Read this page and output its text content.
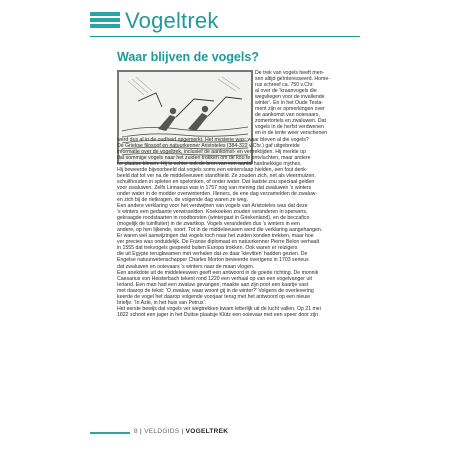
Vogeltrek
Waar blijven de vogels?
De trek van vogels heeft men-
sen altijd geïnteresseerd. Home-
rus schreef ca. 750 v.Chr.
al over de ‘kraanvogels die
wegvliegen voor de invallende
winter’. En in het Oude Testa-
ment zijn er opmerkingen over
de aankomst van ooievaars,
zomertortels en zwaluwen. Dat
vogels in de herfst verdwenen
en in de lente weer verschenen
werd dus al in de oudheid opgemerkt. Het mysterie was: waar bleven al die vogels?
De Griekse filosoof en natuurkenner Aristoteles (384-322 v.Chr.) gaf uitgebreide
informatie over de vogeltrek, inclusief de aankomst- en vertrektijden. Hij merkte op
dat sommige vogels naar het zuiden trokken om de kou te ontvluchten, maar andere
ter plaatse bleven. Hij is echter ook de bron van een aantal hardnekkige mythes.
Hij beweerde bijvoorbeeld dat vogels soms een winterslaap hielden, een fout denk-
beeld dat tot ver na de middeleeuwen standhield. Ze zouden zich, net als vleermuizen,
schuilhouden in spleten en spelonken, of onder water. Dat laatste zou speciaal gelden
voor zwaluwen. Zelfs Linnaeus was in 1757 nog van mening dat zwaluwen ’s winters
onder water in de modder overwinterden. Illeners, de ene dag verzamelden de zwaluw-
en zich bij de rietkragen, de volgende dag waren ze weg.
Een andere verklaring voor het verdwijnen van vogels van Aristoteles was dat deze
’s winters een gedaante verwisselden. Koekoeken zouden veranderen in sperwers,
gekraagde roodstaarten in roodborsten (wintergast in Griekenland), en de beccafico
(mogelijk de tuinfluiter) in de zwartkop. Vogels verandeden dus ’s winters in een
andere, op hen lijkende, soort. Tot in de middeleeuwen werd die verklaring aangehangen.
Er waren wel aanwijzingen dat vogels toch naar het zuiden konden trekken, maar hoe
ver precies was onduidelijk. De Franse diplomaat en natuurkenner Pierre Belon verhaalt
in 1555 dat trekvogels gespeeld buiten Europa trokken. Ook waren er reizigers
die uit Egypte terugkwamen met verhalen dat ze daar ‘kievitten’ hadden gezien. De
Engelse natuurwetenschapper Charles Morton beweerde overigens in 1703 serieus
dat zwaluwen en ooievaars ’s winters naar de maan vlogen.
Een anekdote uit de middeleeuwen geeft een antwoord in de goede richting. De monnik
Caesarius von Heisterbach tekent rond 1220 een verhaal op van een vogelvanger uit
Ierland. Een man had een zwaluw gevangen, maakte aan zijn poot een kaartje vast
met daarop de tekst: ‘O zwaluw, waar woont gij in de winter?’ Volgens de overlevering
keerde de vogel het daarop volgende voorjaar terug met het antwoord op een nieuw
briefje: ‘In Azië, in het huis van Petrus’.
Het eerste bewijs dat vogels ver wegtrekken kwam letterlijk uit de lucht vallen. Op 21 mei
1822 schoot een jager in het Duitse plaatsje Klütz een ooievaar met een speer door zijn
8 | VELDGIDS | VOGELTREK
